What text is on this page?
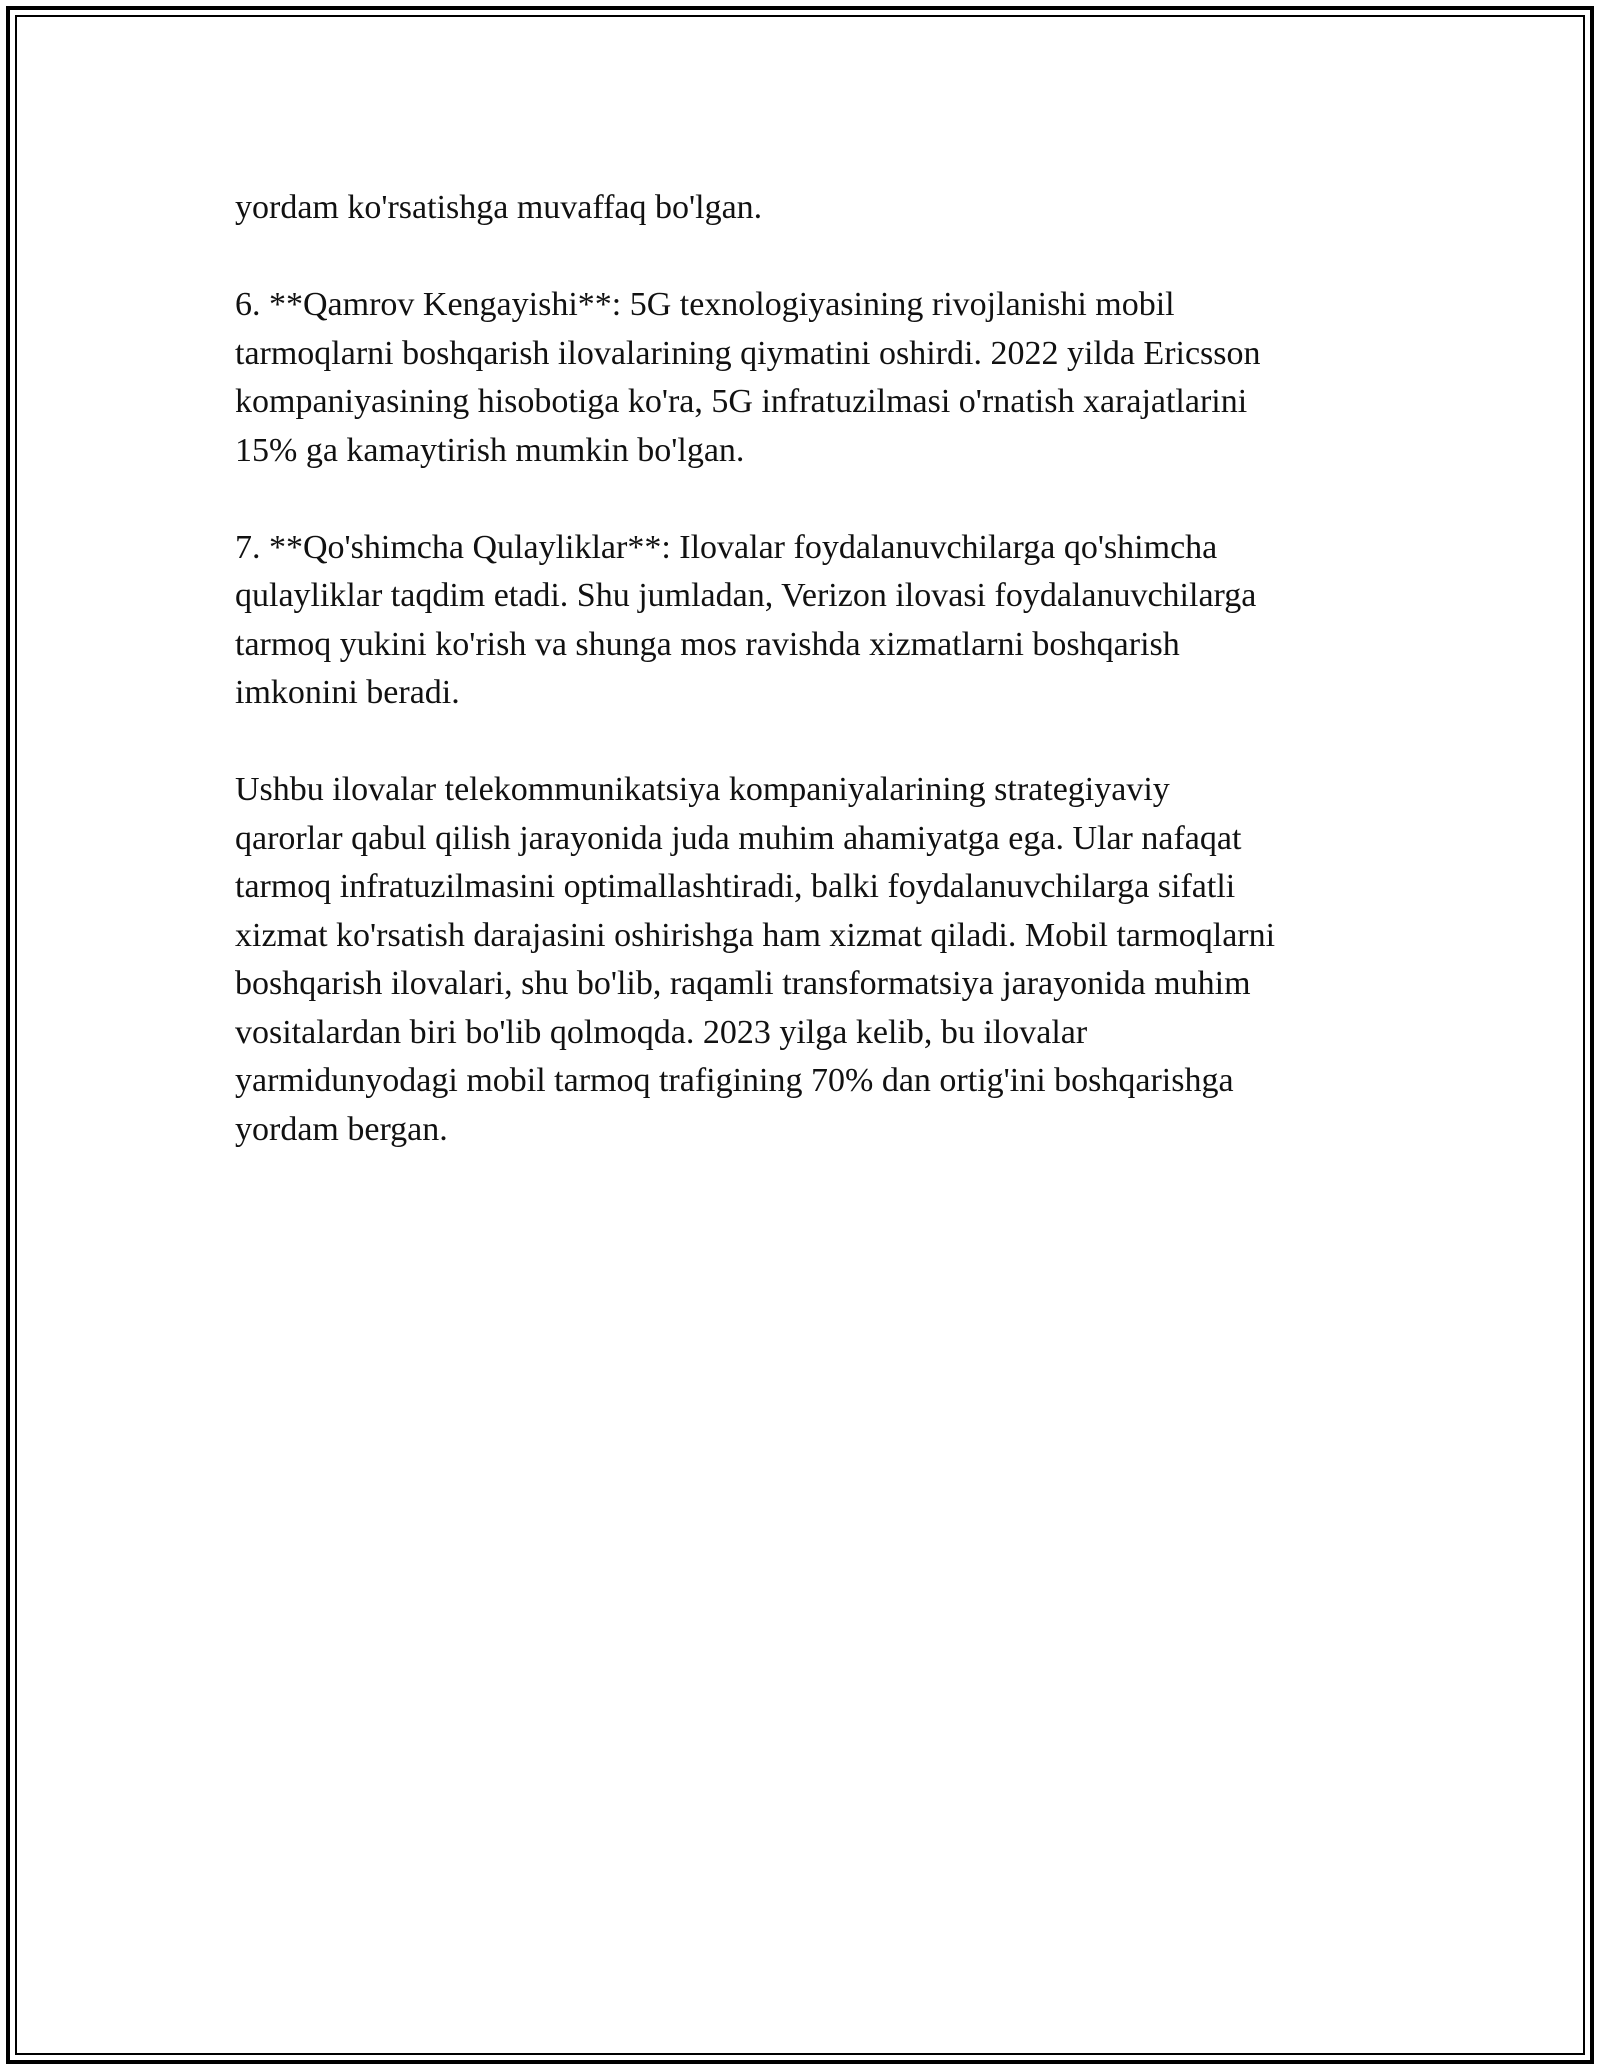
yordam ko'rsatishga muvaffaq bo'lgan.

6. **Qamrov Kengayishi**: 5G texnologiyasining rivojlanishi mobil
tarmoqlarni boshqarish ilovalarining qiymatini oshirdi. 2022 yilda Ericsson
kompaniyasining hisobotiga ko'ra, 5G infratuzilmasi o'rnatish xarajatlarini
15% ga kamaytirish mumkin bo'lgan.

7. **Qo'shimcha Qulayliklar**: Ilovalar foydalanuvchilarga qo'shimcha
qulayliklar taqdim etadi. Shu jumladan, Verizon ilovasi foydalanuvchilarga
tarmoq yukini ko'rish va shunga mos ravishda xizmatlarni boshqarish
imkonini beradi.

Ushbu ilovalar telekommunikatsiya kompaniyalarining strategiyaviy
qarorlar qabul qilish jarayonida juda muhim ahamiyatga ega. Ular nafaqat
tarmoq infratuzilmasini optimallashtiradi, balki foydalanuvchilarga sifatli
xizmat ko'rsatish darajasini oshirishga ham xizmat qiladi. Mobil tarmoqlarni
boshqarish ilovalari, shu bo'lib, raqamli transformatsiya jarayonida muhim
vositalardan biri bo'lib qolmoqda. 2023 yilga kelib, bu ilovalar
yarmidunyodagi mobil tarmoq trafigining 70% dan ortig'ini boshqarishga
yordam bergan.
